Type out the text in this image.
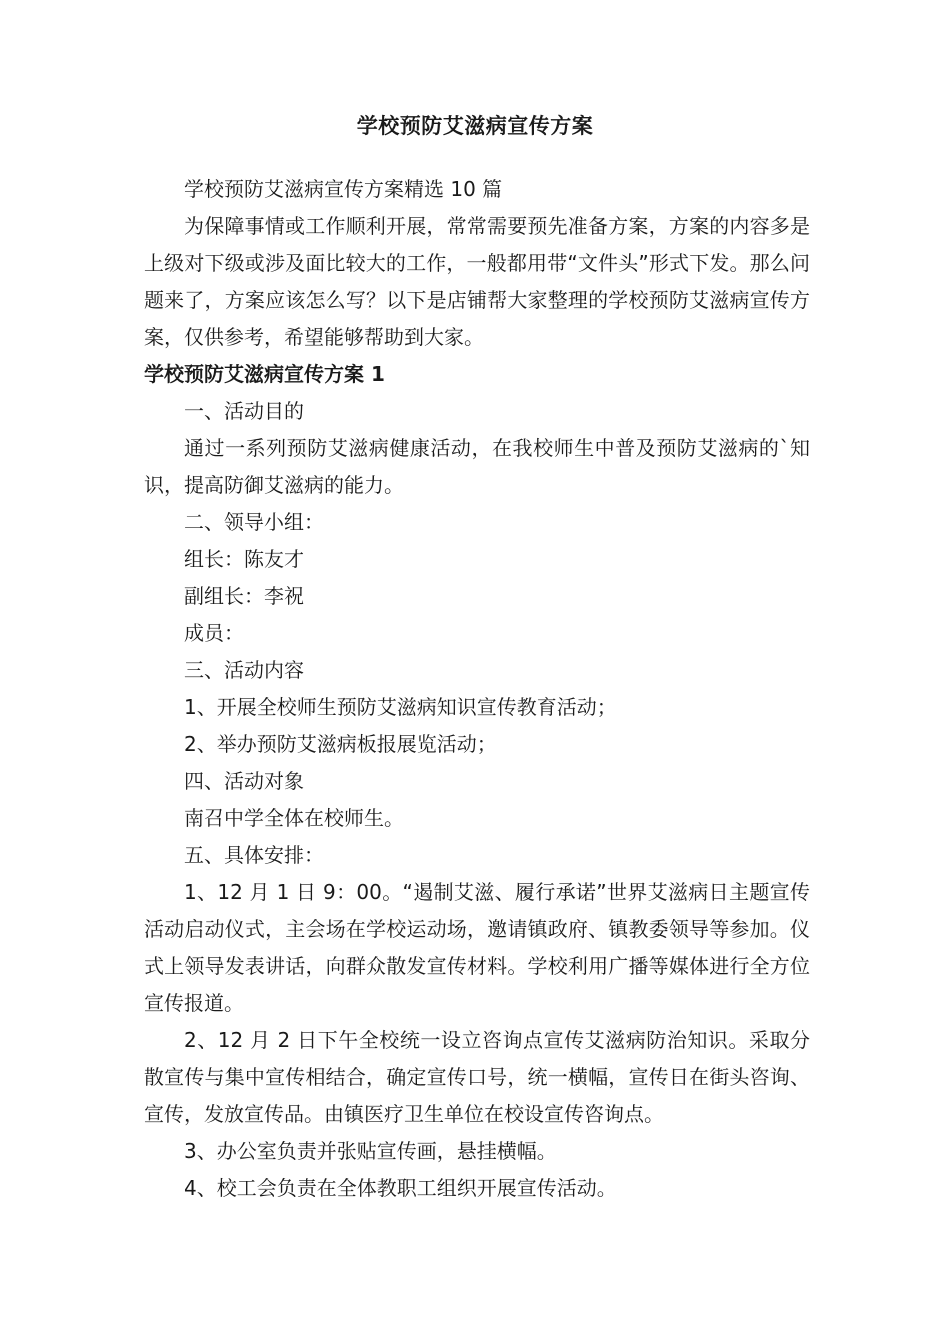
学校预防艾滋病宣传方案

学校预防艾滋病宣传方案精选 10 篇

为保障事情或工作顺利开展，常常需要预先准备方案，方案的内容多是上级对下级或涉及面比较大的工作，一般都用带“文件头”形式下发。那么问题来了，方案应该怎么写？以下是店铺帮大家整理的学校预防艾滋病宣传方案，仅供参考，希望能够帮助到大家。

学校预防艾滋病宣传方案 1

一、活动目的

通过一系列预防艾滋病健康活动，在我校师生中普及预防艾滋病的`知识，提高防御艾滋病的能力。

二、领导小组：

组长：陈友才

副组长：李祝

成员：

三、活动内容

1、开展全校师生预防艾滋病知识宣传教育活动；

2、举办预防艾滋病板报展览活动；

四、活动对象

南召中学全体在校师生。

五、具体安排：

1、12 月 1 日 9：00。“遏制艾滋、履行承诺”世界艾滋病日主题宣传活动启动仪式，主会场在学校运动场，邀请镇政府、镇教委领导等参加。仪式上领导发表讲话，向群众散发宣传材料。学校利用广播等媒体进行全方位宣传报道。

2、12 月 2 日下午全校统一设立咨询点宣传艾滋病防治知识。采取分散宣传与集中宣传相结合，确定宣传口号，统一横幅，宣传日在街头咨询、宣传，发放宣传品。由镇医疗卫生单位在校设宣传咨询点。

3、办公室负责并张贴宣传画，悬挂横幅。

4、校工会负责在全体教职工组织开展宣传活动。
